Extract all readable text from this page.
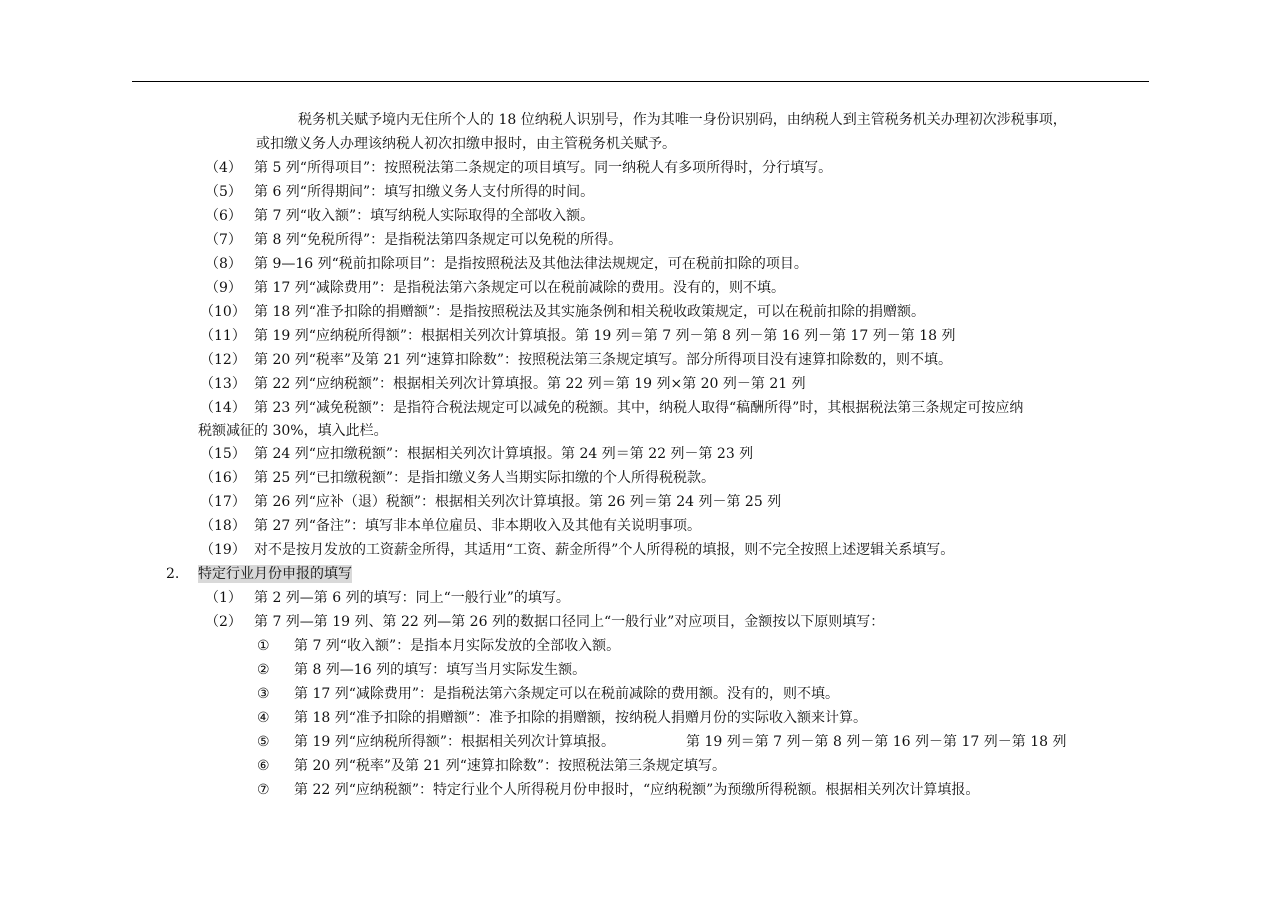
税务机关赋予境内无住所个人的 18 位纳税人识别号，作为其唯一身份识别码，由纳税人到主管税务机关办理初次涉税事项，
或扣缴义务人办理该纳税人初次扣缴申报时，由主管税务机关赋予。
（4） 第 5 列“所得项目”：按照税法第二条规定的项目填写。同一纳税人有多项所得时，分行填写。
（5） 第 6 列“所得期间”：填写扣缴义务人支付所得的时间。
（6） 第 7 列“收入额”：填写纳税人实际取得的全部收入额。
（7） 第 8 列“免税所得”：是指税法第四条规定可以免税的所得。
（8） 第 9—16 列“税前扣除项目”：是指按照税法及其他法律法规规定，可在税前扣除的项目。
（9） 第 17 列“减除费用”：是指税法第六条规定可以在税前减除的费用。没有的，则不填。
（10） 第 18 列“准予扣除的捐赠额”：是指按照税法及其实施条例和相关税收政策规定，可以在税前扣除的捐赠额。
（11） 第 19 列“应纳税所得额”：根据相关列次计算填报。第 19 列＝第 7 列－第 8 列－第 16 列－第 17 列－第 18 列
（12） 第 20 列“税率”及第 21 列“速算扣除数”：按照税法第三条规定填写。部分所得项目没有速算扣除数的，则不填。
（13） 第 22 列“应纳税额”：根据相关列次计算填报。第 22 列＝第 19 列×第 20 列－第 21 列
（14） 第 23 列“减免税额”：是指符合税法规定可以减免的税额。其中，纳税人取得“稿酬所得”时，其根据税法第三条规定可按应纳
税额减征的 30%，填入此栏。
（15） 第 24 列“应扣缴税额”：根据相关列次计算填报。第 24 列＝第 22 列－第 23 列
（16） 第 25 列“已扣缴税额”：是指扣缴义务人当期实际扣缴的个人所得税税款。
（17） 第 26 列“应补（退）税额”：根据相关列次计算填报。第 26 列＝第 24 列－第 25 列
（18） 第 27 列“备注”：填写非本单位雇员、非本期收入及其他有关说明事项。
（19） 对不是按月发放的工资薪金所得，其适用“工资、薪金所得”个人所得税的填报，则不完全按照上述逻辑关系填写。
2. 特定行业月份申报的填写
（1） 第 2 列—第 6 列的填写：同上“一般行业”的填写。
（2） 第 7 列—第 19 列、第 22 列—第 26 列的数据口径同上“一般行业”对应项目，金额按以下原则填写：
① 第 7 列“收入额”：是指本月实际发放的全部收入额。
② 第 8 列—16 列的填写：填写当月实际发生额。
③ 第 17 列“减除费用”：是指税法第六条规定可以在税前减除的费用额。没有的，则不填。
④ 第 18 列“准予扣除的捐赠额”：准予扣除的捐赠额，按纳税人捐赠月份的实际收入额来计算。
⑤ 第 19 列“应纳税所得额”：根据相关列次计算填报。	第 19 列＝第 7 列－第 8 列－第 16 列－第 17 列－第 18 列
⑥ 第 20 列“税率”及第 21 列“速算扣除数”：按照税法第三条规定填写。
⑦ 第 22 列“应纳税额”：特定行业个人所得税月份申报时，“应纳税额”为预缴所得税额。根据相关列次计算填报。
